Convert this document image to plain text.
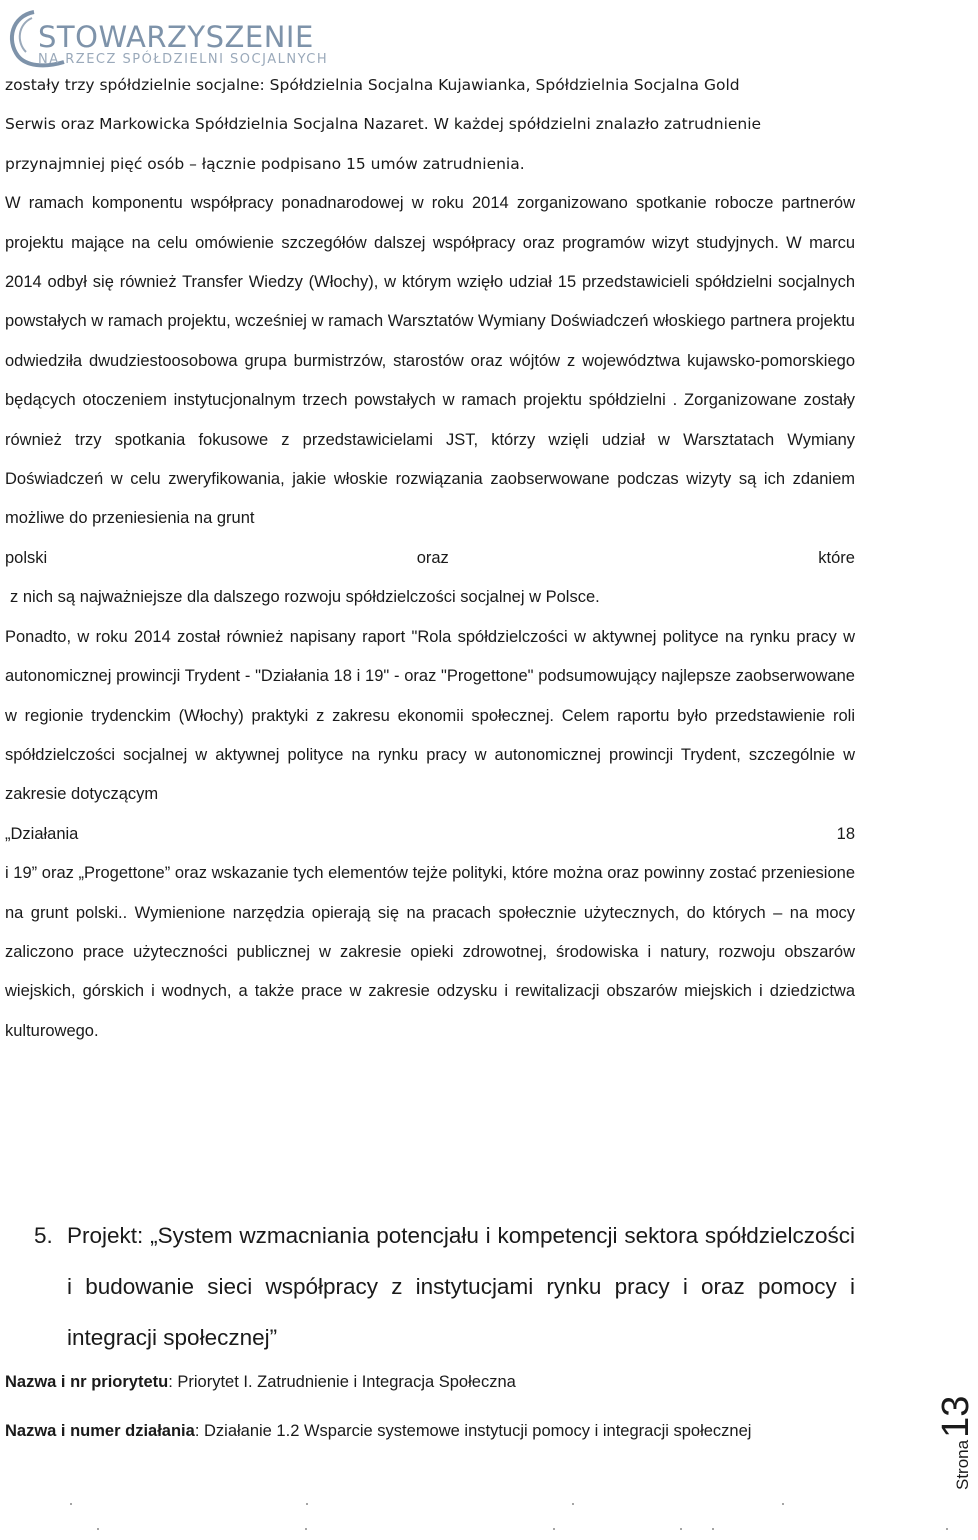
STOWARZYSZENIE
NA RZECZ SPÓŁDZIELNI SOCJALNYCH
zostały trzy spółdzielnie socjalne: Spółdzielnia Socjalna Kujawianka, Spółdzielnia Socjalna Gold
Serwis oraz Markowicka Spółdzielnia Socjalna Nazaret. W każdej spółdzielni znalazło zatrudnienie
przynajmniej pięć osób – łącznie podpisano 15 umów zatrudnienia.

W ramach komponentu współpracy ponadnarodowej w roku 2014 zorganizowano spotkanie robocze partnerów projektu mające na celu omówienie szczegółów dalszej współpracy oraz programów wizyt studyjnych. W marcu 2014 odbył się również Transfer Wiedzy (Włochy), w którym wzięło udział 15 przedstawicieli spółdzielni socjalnych powstałych w ramach projektu, wcześniej w ramach Warsztatów Wymiany Doświadczeń włoskiego partnera projektu odwiedziła dwudziestoosobowa grupa burmistrzów, starostów oraz wójtów z województwa kujawsko-pomorskiego będących otoczeniem instytucjonalnym trzech powstałych w ramach projektu spółdzielni . Zorganizowane zostały również trzy spotkania fokusowe z przedstawicielami JST, którzy wzięli udział w Warsztatach Wymiany Doświadczeń w celu zweryfikowania, jakie włoskie rozwiązania zaobserwowane podczas wizyty są ich zdaniem możliwe do przeniesienia na grunt

polski	oraz	które

z nich są najważniejsze dla dalszego rozwoju spółdzielczości socjalnej w Polsce.

Ponadto, w roku 2014 został również napisany raport "Rola spółdzielczości w aktywnej polityce na rynku pracy w autonomicznej prowincji Trydent - "Działania 18 i 19" - oraz "Progettone" podsumowujący najlepsze zaobserwowane w regionie trydenckim (Włochy) praktyki z zakresu ekonomii społecznej. Celem raportu było przedstawienie roli spółdzielczości socjalnej w aktywnej polityce na rynku pracy w autonomicznej prowincji Trydent, szczególnie w zakresie dotyczącym

„Działania	18

i 19” oraz „Progettone” oraz wskazanie tych elementów tejże polityki, które można oraz powinny zostać przeniesione na grunt polski.. Wymienione narzędzia opierają się na pracach społecznie użytecznych, do których – na mocy zaliczono prace użyteczności publicznej w zakresie opieki zdrowotnej, środowiska i natury, rozwoju obszarów wiejskich, górskich i wodnych, a także prace w zakresie odzysku i rewitalizacji obszarów miejskich i dziedzictwa kulturowego.

5. Projekt: „System wzmacniania potencjału i kompetencji sektora spółdzielczości i budowanie sieci współpracy z instytucjami rynku pracy i oraz pomocy i integracji społecznej”
Nazwa i nr priorytetu: Priorytet I. Zatrudnienie i Integracja Społeczna
Nazwa i numer działania: Działanie 1.2 Wsparcie systemowe instytucji pomocy i integracji społecznej
Strona
13
